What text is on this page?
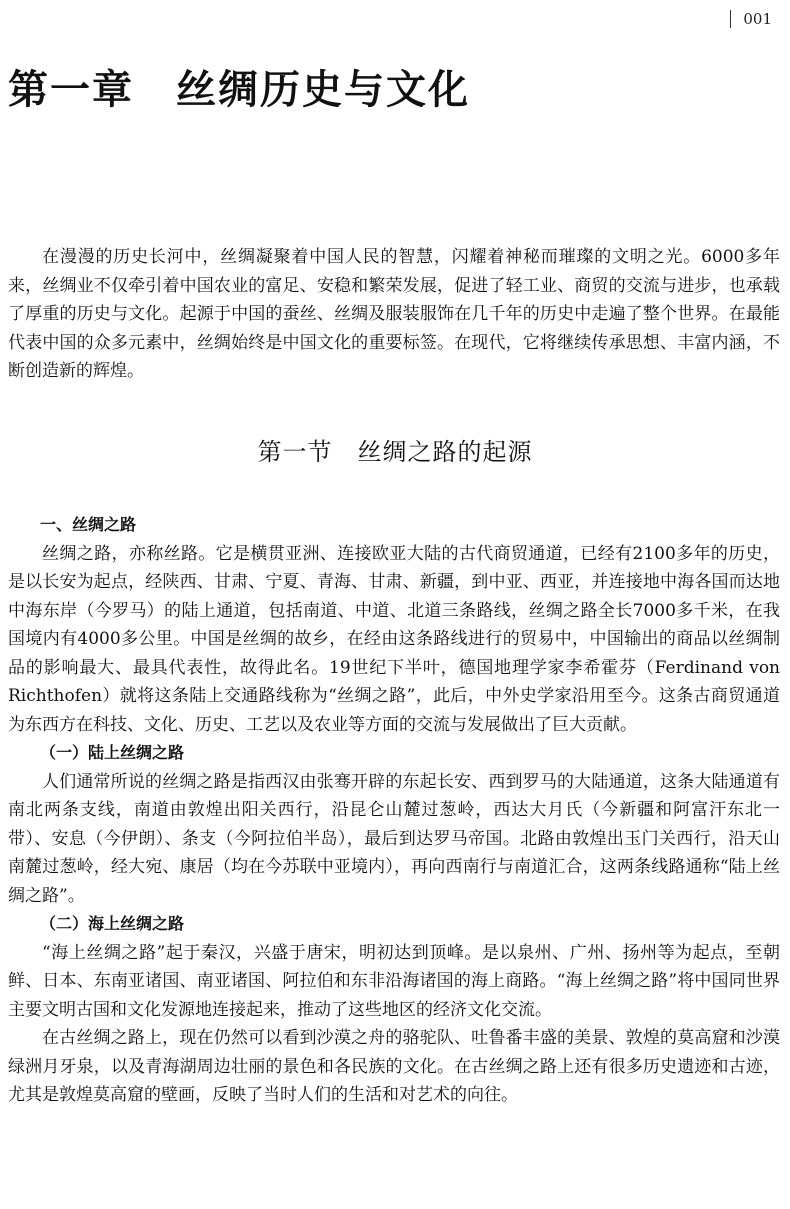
001
第一章　丝绸历史与文化

在漫漫的历史长河中，丝绸凝聚着中国人民的智慧，闪耀着神秘而璀璨的文明之光。6000多年来，丝绸业不仅牵引着中国农业的富足、安稳和繁荣发展，促进了轻工业、商贸的交流与进步，也承载了厚重的历史与文化。起源于中国的蚕丝、丝绸及服装服饰在几千年的历史中走遍了整个世界。在最能代表中国的众多元素中，丝绸始终是中国文化的重要标签。在现代，它将继续传承思想、丰富内涵，不断创造新的辉煌。

第一节　丝绸之路的起源
一、丝绸之路

丝绸之路，亦称丝路。它是横贯亚洲、连接欧亚大陆的古代商贸通道，已经有2100多年的历史，是以长安为起点，经陕西、甘肃、宁夏、青海、甘肃、新疆，到中亚、西亚，并连接地中海各国而达地中海东岸（今罗马）的陆上通道，包括南道、中道、北道三条路线，丝绸之路全长7000多千米，在我国境内有4000多公里。中国是丝绸的故乡，在经由这条路线进行的贸易中，中国输出的商品以丝绸制品的影响最大、最具代表性，故得此名。19世纪下半叶，德国地理学家李希霍芬（Ferdinand von Richthofen）就将这条陆上交通路线称为“丝绸之路”，此后，中外史学家沿用至今。这条古商贸通道为东西方在科技、文化、历史、工艺以及农业等方面的交流与发展做出了巨大贡献。

（一）陆上丝绸之路

人们通常所说的丝绸之路是指西汉由张骞开辟的东起长安、西到罗马的大陆通道，这条大陆通道有南北两条支线，南道由敦煌出阳关西行，沿昆仑山麓过葱岭，西达大月氏（今新疆和阿富汗东北一带）、安息（今伊朗）、条支（今阿拉伯半岛），最后到达罗马帝国。北路由敦煌出玉门关西行，沿天山南麓过葱岭，经大宛、康居（均在今苏联中亚境内），再向西南行与南道汇合，这两条线路通称“陆上丝绸之路”。

（二）海上丝绸之路

“海上丝绸之路”起于秦汉，兴盛于唐宋，明初达到顶峰。是以泉州、广州、扬州等为起点，至朝鲜、日本、东南亚诸国、南亚诸国、阿拉伯和东非沿海诸国的海上商路。“海上丝绸之路”将中国同世界主要文明古国和文化发源地连接起来，推动了这些地区的经济文化交流。

在古丝绸之路上，现在仍然可以看到沙漠之舟的骆驼队、吐鲁番丰盛的美景、敦煌的莫高窟和沙漠绿洲月牙泉，以及青海湖周边壮丽的景色和各民族的文化。在古丝绸之路上还有很多历史遗迹和古迹，尤其是敦煌莫高窟的壁画，反映了当时人们的生活和对艺术的向往。
